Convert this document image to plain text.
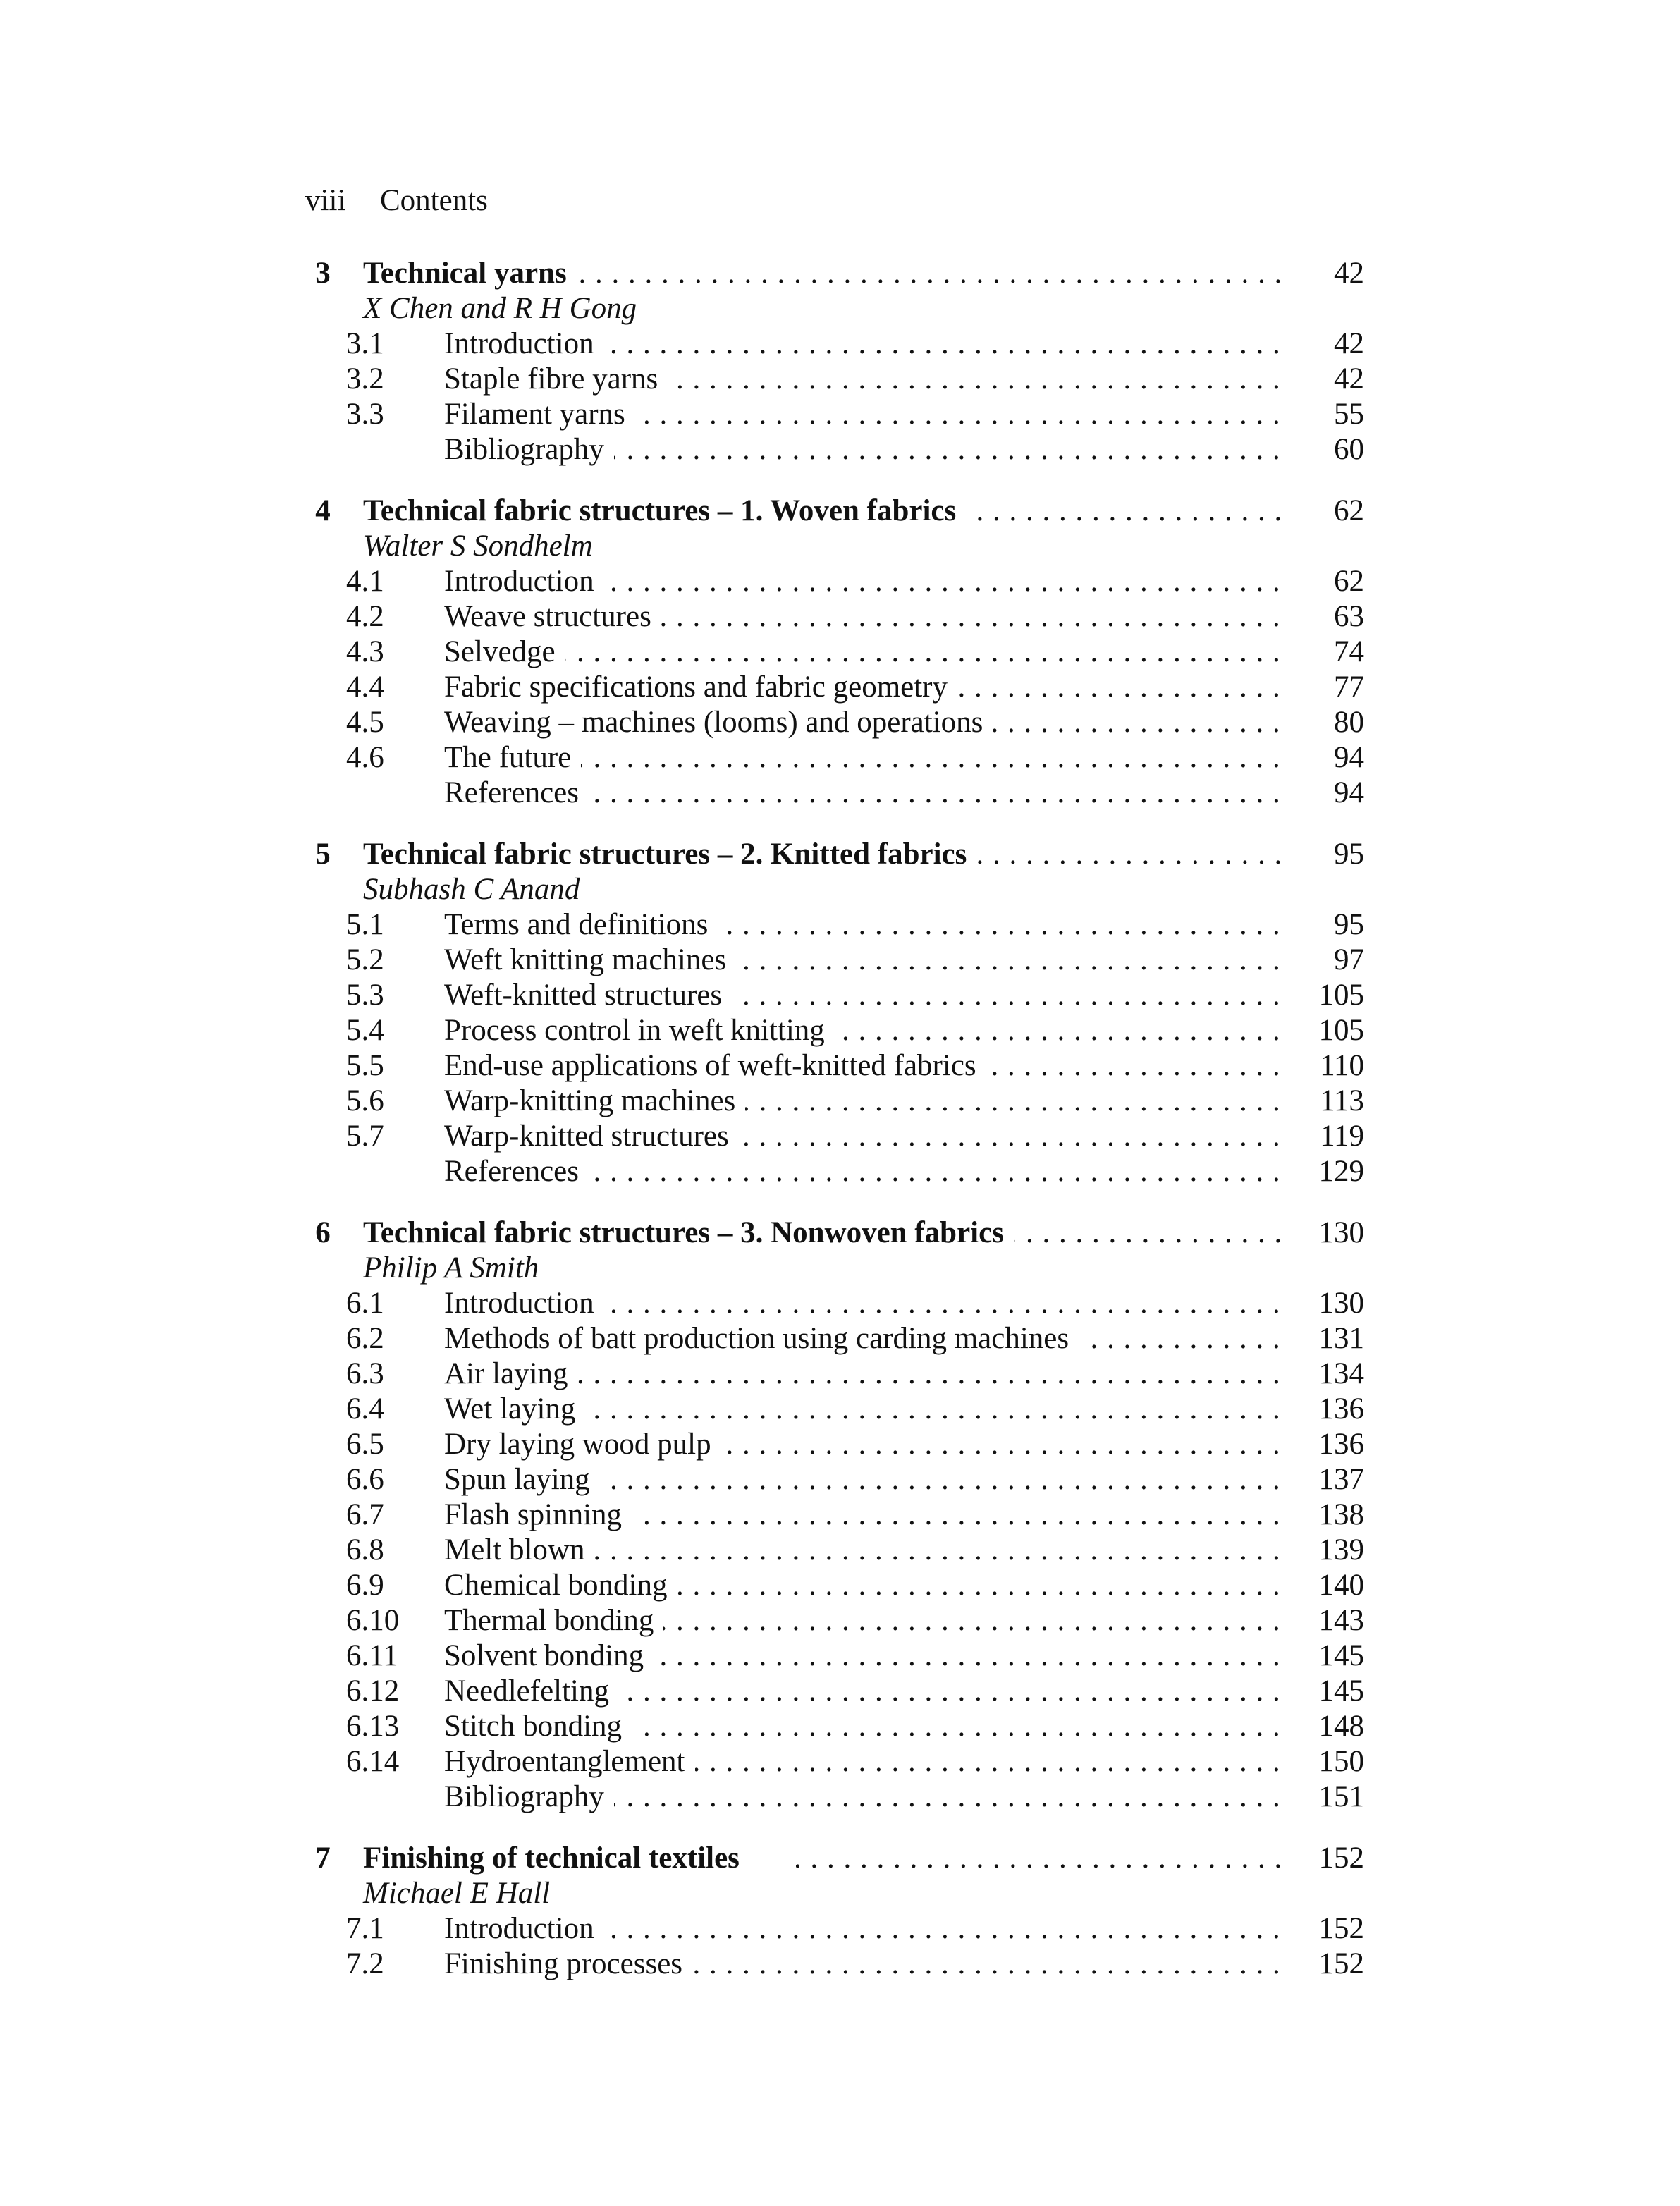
viii Contents
3	Technical yarns . . .	42
X Chen and R H Gong
3.1 Introduction . . .	42
3.2 Staple fibre yarns . . .	42
3.3 Filament yarns . . .	55
Bibliography . . .	60
4	Technical fabric structures – 1. Woven fabrics . . .	62
Walter S Sondhelm
4.1 Introduction . . .	62
4.2 Weave structures . . .	63
4.3 Selvedge . . .	74
4.4 Fabric specifications and fabric geometry . . .	77
4.5 Weaving – machines (looms) and operations . . .	80
4.6 The future . . .	94
References . . .	94
5	Technical fabric structures – 2. Knitted fabrics . . .	95
Subhash C Anand
5.1 Terms and definitions . . .	95
5.2 Weft knitting machines . . .	97
5.3 Weft-knitted structures . . .	105
5.4 Process control in weft knitting . . .	105
5.5 End-use applications of weft-knitted fabrics . . .	110
5.6 Warp-knitting machines . . .	113
5.7 Warp-knitted structures . . .	119
References . . .	129
6	Technical fabric structures – 3. Nonwoven fabrics . . .	130
Philip A Smith
6.1 Introduction . . .	130
6.2 Methods of batt production using carding machines . . .	131
6.3 Air laying . . .	134
6.4 Wet laying . . .	136
6.5 Dry laying wood pulp . . .	136
6.6 Spun laying . . .	137
6.7 Flash spinning . . .	138
6.8 Melt blown . . .	139
6.9 Chemical bonding . . .	140
6.10 Thermal bonding . . .	143
6.11 Solvent bonding . . .	145
6.12 Needlefelting . . .	145
6.13 Stitch bonding . . .	148
6.14 Hydroentanglement . . .	150
Bibliography . . .	151
7	Finishing of technical textiles . . .	152
Michael E Hall
7.1 Introduction . . .	152
7.2 Finishing processes . . .	152
